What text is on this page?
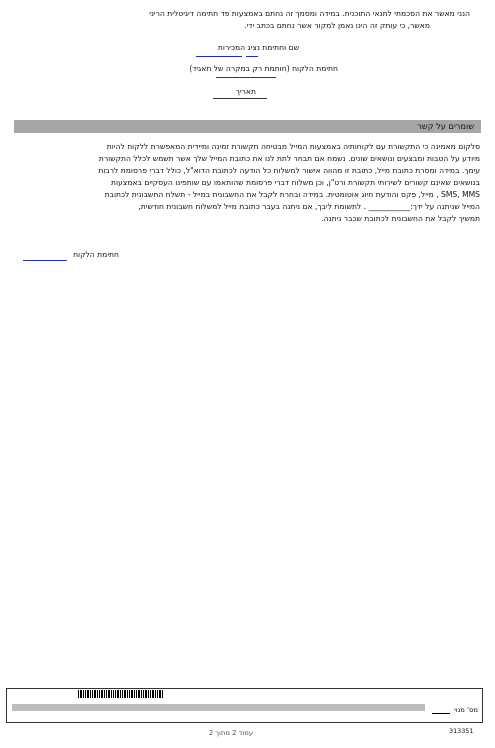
הנני מאשר את הסכמתי לתנאי התוכנית. במידה ומסמך זה נחתם באמצעות פד חתימה דיגיטלית הריני
מאשר, כי עותק זה הינו נאמן למקור אשר נחתם בכתב ידי.
שם וחתימת נציג המכירות
חתימת הלקוח (חותמת רק במקרה של תאגיד)
תאריך
שומרים על קשר
סלקום מאמינה כי התקשורת עם לקוחותיה באמצעות המייל מבטיחה תקשורת זמינה ומיידית המאפשרת ללקוח להיות
מיודע על הטבות ומבצעים ונושאים שונים. נשמח אם תבחר לתת לנו את כתובת המייל שלך אשר תשמש לכלל התקשורת
עימך. במידה ומסרת כתובת מייל, כתובת זו מהווה אישור למשלוח כל הודעה לכתובת הדוא"ל, כולל דברי פרסומת לרבות
בנושאים שאינם קשורים לשירותי תקשורת ורט"ן, וכן משלוח דברי פרסומת שהותאמו עם שותפינו העסקיים באמצעות
SMS, MMS , מייל, פקס והודעת חיוג אוטומטית. במידה ובחרת לקבל את החשבונית במייל - תשלח החשבונית לכתובת
המייל שניתנה על ידך:___________ . לתשומת ליבך, אם ניתנה בעבר כתובת מייל למשלוח חשבונית חודשית,
תמשיך לקבל את החשבונית לכתובת שכבר ניתנה.
חתימת הלקוח
מס' מנוי
עמוד 2 מתוך 2	313351
